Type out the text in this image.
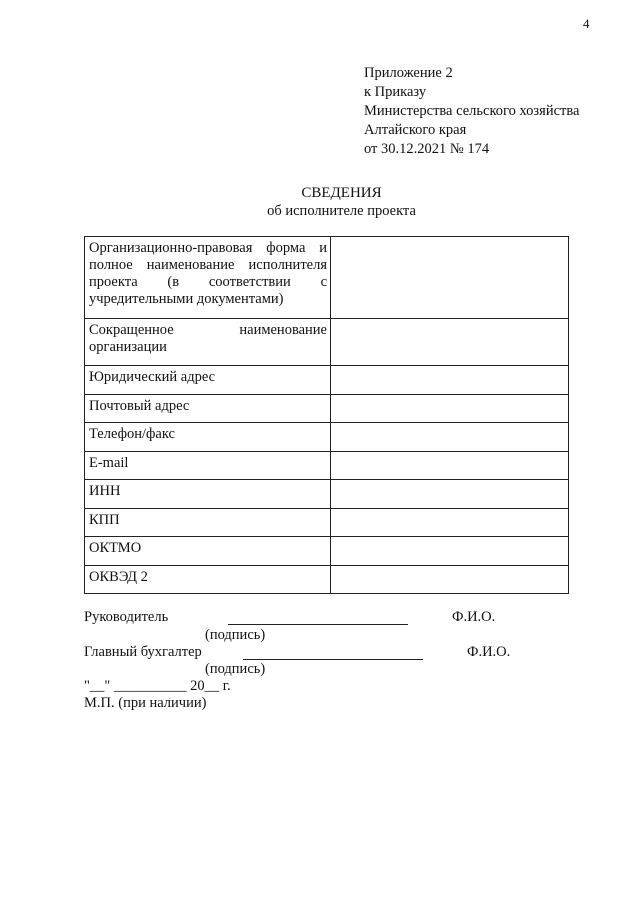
4
Приложение 2
к Приказу
Министерства сельского хозяйства
Алтайского края
от 30.12.2021 № 174
СВЕДЕНИЯ
об исполнителе проекта
Организационно-правовая форма и полное наименование исполнителя проекта (в соответствии с учредительными документами)	
Сокращенное наименование организации	
Юридический адрес	
Почтовый адрес	
Телефон/факс	
E-mail	
ИНН	
КПП	
ОКТМО	
ОКВЭД 2	
Руководитель	Ф.И.О.
(подпись)
Главный бухгалтер	Ф.И.О.
(подпись)
"__" __________ 20__ г.
М.П. (при наличии)
